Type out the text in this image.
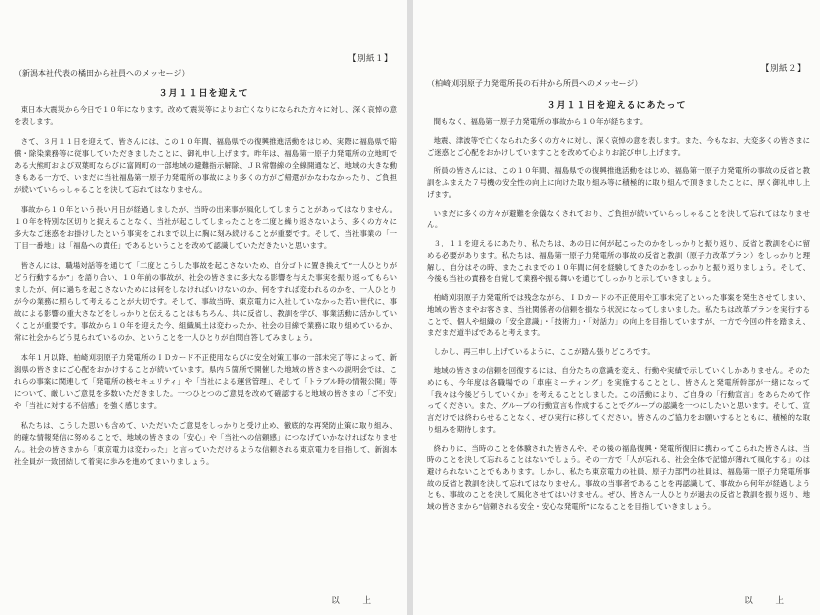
【別紙１】
（新潟本社代表の橘田から社員へのメッセージ）
３月１１日を迎えて

東日本大震災から今日で１０年になります。改めて震災等によりお亡くなりになられた方々に対し、深く哀悼の意を表します。

さて、３月１１日を迎えて、皆さんには、この１０年間、福島県での復興推進活動をはじめ、実際に福島県で賠償・除染業務等に従事していただきましたことに、御礼申し上げます。昨年は、福島第一原子力発電所の立地町である大熊町および双葉町ならびに富岡町の一部地域の避難指示解除、ＪＲ常磐線の全線開通など、地域の大きな動きもある一方で、いまだに当社福島第一原子力発電所の事故により多くの方がご帰還がかなわなかったり、ご負担が続いていらっしゃることを決して忘れてはなりません。

事故から１０年という長い月日が経過しましたが、当時の出来事が風化してしまうことがあってはなりません。１０年を特別な区切りと捉えることなく、当社が起こしてしまったことを二度と繰り返さないよう、多くの方々に多大なご迷惑をお掛けしたという事実をこれまで以上に胸に刻み続けることが重要です。そして、当社事業の「一丁目一番地」は「福島への責任」であるということを改めて認識していただきたいと思います。

皆さんには、職場対話等を通じて「二度とこうした事故を起こさないため、自分ゴトに置き換えて“一人ひとりがどう行動するか”」を語り合い、１０年前の事故が、社会の皆さまに多大なる影響を与えた事実を振り返ってもらいましたが、何に過ちを起こさないためには何をしなければいけないのか、何をすれば変われるのかを、一人ひとりが今の業務に照らして考えることが大切です。そして、事故当時、東京電力に入社していなかった若い世代に、事故による影響の重大さなどをしっかりと伝えることはもちろん、共に反省し、教訓を学び、事業活動に活かしていくことが重要です。事故から１０年を迎えた今、組織風土は変わったか、社会の目線で業務に取り組めているか、常に社会からどう見られているのか、ということを一人ひとりが自問自答してみましょう。

本年１月以降、柏崎刈羽原子力発電所のＩＤカード不正使用ならびに安全対策工事の一部未完了等によって、新潟県の皆さまにご心配をおかけすることが続いています。県内５箇所で開催した地域の皆さまへの説明会では、これらの事案に関連して「発電所の核セキュリティ」や「当社による運営管理」、そして「トラブル時の情報公開」等について、厳しいご意見を多数いただきました。一つひとつのご意見を改めて確認すると地域の皆さまの「ご不安」や「当社に対する不信感」を強く感じます。

私たちは、こうした思いも含めて、いただいたご意見をしっかりと受け止め、徹底的な再発防止策に取り組み、的確な情報発信に努めることで、地域の皆さまの「安心」や「当社への信頼感」につなげていかなければなりません。社会の皆さまから「東京電力は変わった」と言っていただけるような信頼される東京電力を目指して、新潟本社全員が一致団結して着実に歩みを進めてまいりましょう。

以 上
【別紙２】
（柏崎刈羽原子力発電所長の石井から所員へのメッセージ）
３月１１日を迎えるにあたって

間もなく、福島第一原子力発電所の事故から１０年が経ちます。

地震、津波等で亡くなられた多くの方々に対し、深く哀悼の意を表します。また、今もなお、大変多くの皆さまにご迷惑とご心配をおかけしていますことを改めて心よりお詫び申し上げます。

所員の皆さんには、この１０年間、福島県での復興推進活動をはじめ、福島第一原子力発電所の事故の反省と教訓をふまえた７号機の安全性の向上に向けた取り組み等に積極的に取り組んで頂きましたことに、厚く御礼申し上げます。

いまだに多くの方々が避難を余儀なくされており、ご負担が続いていらっしゃることを決して忘れてはなりません。

３．１１を迎えるにあたり、私たちは、あの日に何が起こったのかをしっかりと振り返り、反省と教訓を心に留める必要があります。私たちは、福島第一原子力発電所の事故の反省と教訓（原子力改革プラン）をしっかりと理解し、自分はその時、またこれまでの１０年間に何を経験してきたのかをしっかりと振り返りましょう。そして、今後も当社の責務を自覚して業務や振る舞いを通じてしっかりと示していきましょう。

柏崎刈羽原子力発電所では残念ながら、ＩＤカードの不正使用や工事未完了といった事案を発生させてしまい、地域の皆さまやお客さま、当社関係者の信頼を損なう状況になってしまいました。私たちは改革プランを実行することで、個人や組織の「安全意識」・「技術力」・「対話力」の向上を目指していますが、一方で今回の件を踏まえ、まだまだ道半ばであると考えます。

しかし、再三申し上げているように、ここが踏ん張りどころです。

地域の皆さまの信頼を回復するには、自分たちの意識を変え、行動や実績で示していくしかありません。そのためにも、今年度は各職場での「車座ミーティング」を実施することとし、皆さんと発電所幹部が一緒になって「我々は今後どうしていくか」を考えることとしました。この活動により、ご自身の「行動宣言」をあらためて作ってください。また、グループの行動宣言も作成することでグループの認識を一つにしたいと思います。そして、宣言だけでは終わらせることなく、ぜひ実行に移してください。皆さんのご協力をお願いするとともに、積極的な取り組みを期待します。

終わりに、当時のことを体験された皆さんや、その後の福島復興・発電所復旧に携わってこられた皆さんは、当時のことを決して忘れることはないでしょう。その一方で「人が忘れる、社会全体で記憶が薄れて風化する」のは避けられないことでもあります。しかし、私たち東京電力の社員、原子力部門の社員は、福島第一原子力発電所事故の反省と教訓を決して忘れてはなりません。事故の当事者であることを再認識して、事故から何年が経過しようとも、事故のことを決して風化させてはいけません。ぜひ、皆さん一人ひとりが過去の反省と教訓を振り返り、地域の皆さまから“信頼される安全・安心な発電所”になることを目指していきましょう。

以 上
